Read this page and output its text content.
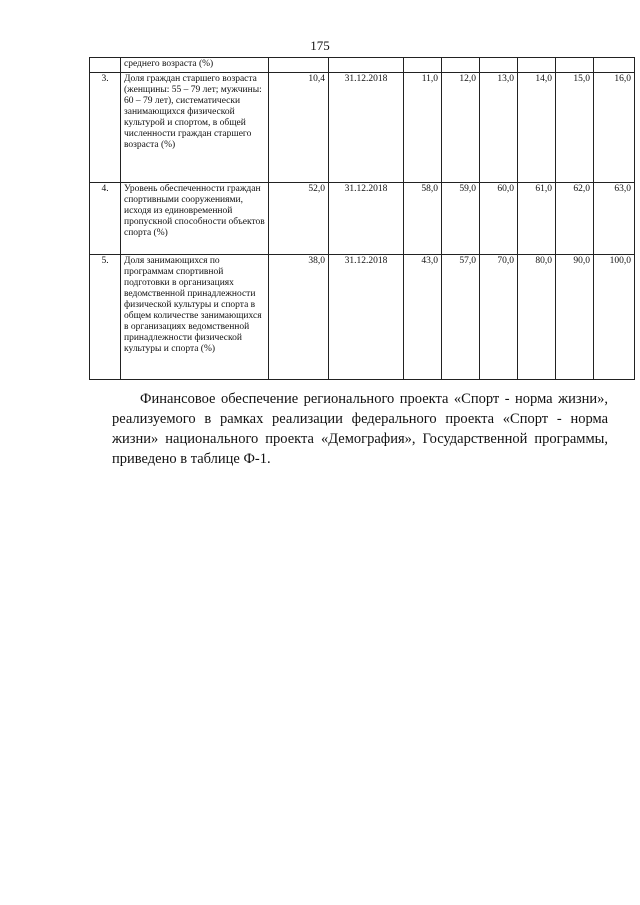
175
	среднего возраста (%)								
3.	Доля граждан старшего возраста (женщины: 55 – 79 лет; мужчины: 60 – 79 лет), систематически занимающихся физической культурой и спортом, в общей численности граждан старшего возраста (%)	10,4	31.12.2018	11,0	12,0	13,0	14,0	15,0	16,0
4.	Уровень обеспеченности граждан спортивными сооружениями, исходя из единовременной пропускной способности объектов спорта (%)	52,0	31.12.2018	58,0	59,0	60,0	61,0	62,0	63,0
5.	Доля занимающихся по программам спортивной подготовки в организациях ведомственной принадлежности физической культуры и спорта в общем количестве занимающихся в организациях ведомственной принадлежности физической культуры и спорта (%)	38,0	31.12.2018	43,0	57,0	70,0	80,0	90,0	100,0

Финансовое обеспечение регионального проекта «Спорт - норма жизни», реализуемого в рамках реализации федерального проекта «Спорт - норма жизни» национального проекта «Демография», Государственной программы, приведено в таблице Ф-1.
